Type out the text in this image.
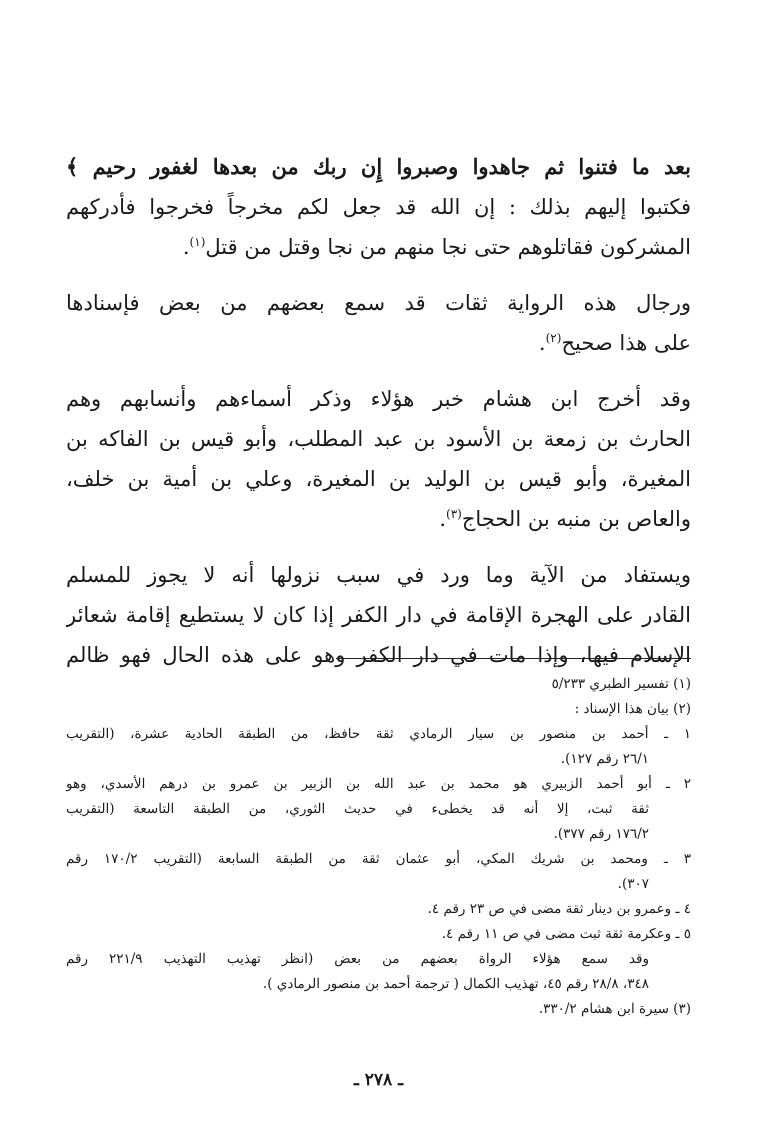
بعد ما فتنوا ثم جاهدوا وصبروا إِن ربك من بعدها لغفور رحيم ﴾
فكتبوا إليهم بذلك : إن الله قد جعل لكم مخرجاً فخرجوا فأدركهم
المشركون فقاتلوهم حتى نجا منهم من نجا وقتل من قتل$^{(١)}$.
ورجال هذه الرواية ثقات قد سمع بعضهم من بعض فإسنادها
على هذا صحيح$^{(٢)}$.
وقد أخرج ابن هشام خبر هؤلاء وذكر أسماءهم وأنسابهم وهم
الحارث بن زمعة بن الأسود بن عبد المطلب، وأبو قيس بن الفاكه بن
المغيرة، وأبو قيس بن الوليد بن المغيرة، وعلي بن أمية بن خلف،
والعاص بن منبه بن الحجاج$^{(٣)}$.
ويستفاد من الآية وما ورد في سبب نزولها أنه لا يجوز للمسلم
القادر على الهجرة الإقامة في دار الكفر إذا كان لا يستطيع إقامة شعائر
الإسلام فيها، وإذا مات في دار الكفر وهو على هذه الحال فهو ظالم
(١) تفسير الطبري ٥/٢٣٣
(٢) بيان هذا الإسناد :
١ ـ أحمد بن منصور بن سيار الرمادي ثقة حافظ، من الطبقة الحادية عشرة، (التقريب
٢٦/١ رقم ١٢٧).
٢ ـ أبو أحمد الزبيري هو محمد بن عبد الله بن الزبير بن عمرو بن درهم الأسدي، وهو
ثقة ثبت، إلا أنه قد يخطىء في حديث الثوري، من الطبقة التاسعة (التقريب
١٧٦/٢ رقم ٣٧٧).
٣ ـ ومحمد بن شريك المكي، أبو عثمان ثقة من الطبقة السابعة (التقريب ١٧٠/٢ رقم
٣٠٧).
٤ ـ وعمرو بن دينار ثقة مضى في ص ٢٣ رقم ٤.
٥ ـ وعكرمة ثقة ثبت مضى في ص ١١ رقم ٤.
وقد سمع هؤلاء الرواة بعضهم من بعض (انظر تهذيب التهذيب ٢٢١/٩ رقم
٣٤٨، ٢٨/٨ رقم ٤٥، تهذيب الكمال ( ترجمة أحمد بن منصور الرمادي ).
(٣) سيرة ابن هشام ٣٣٠/٢.
ـ ٢٧٨ ـ
